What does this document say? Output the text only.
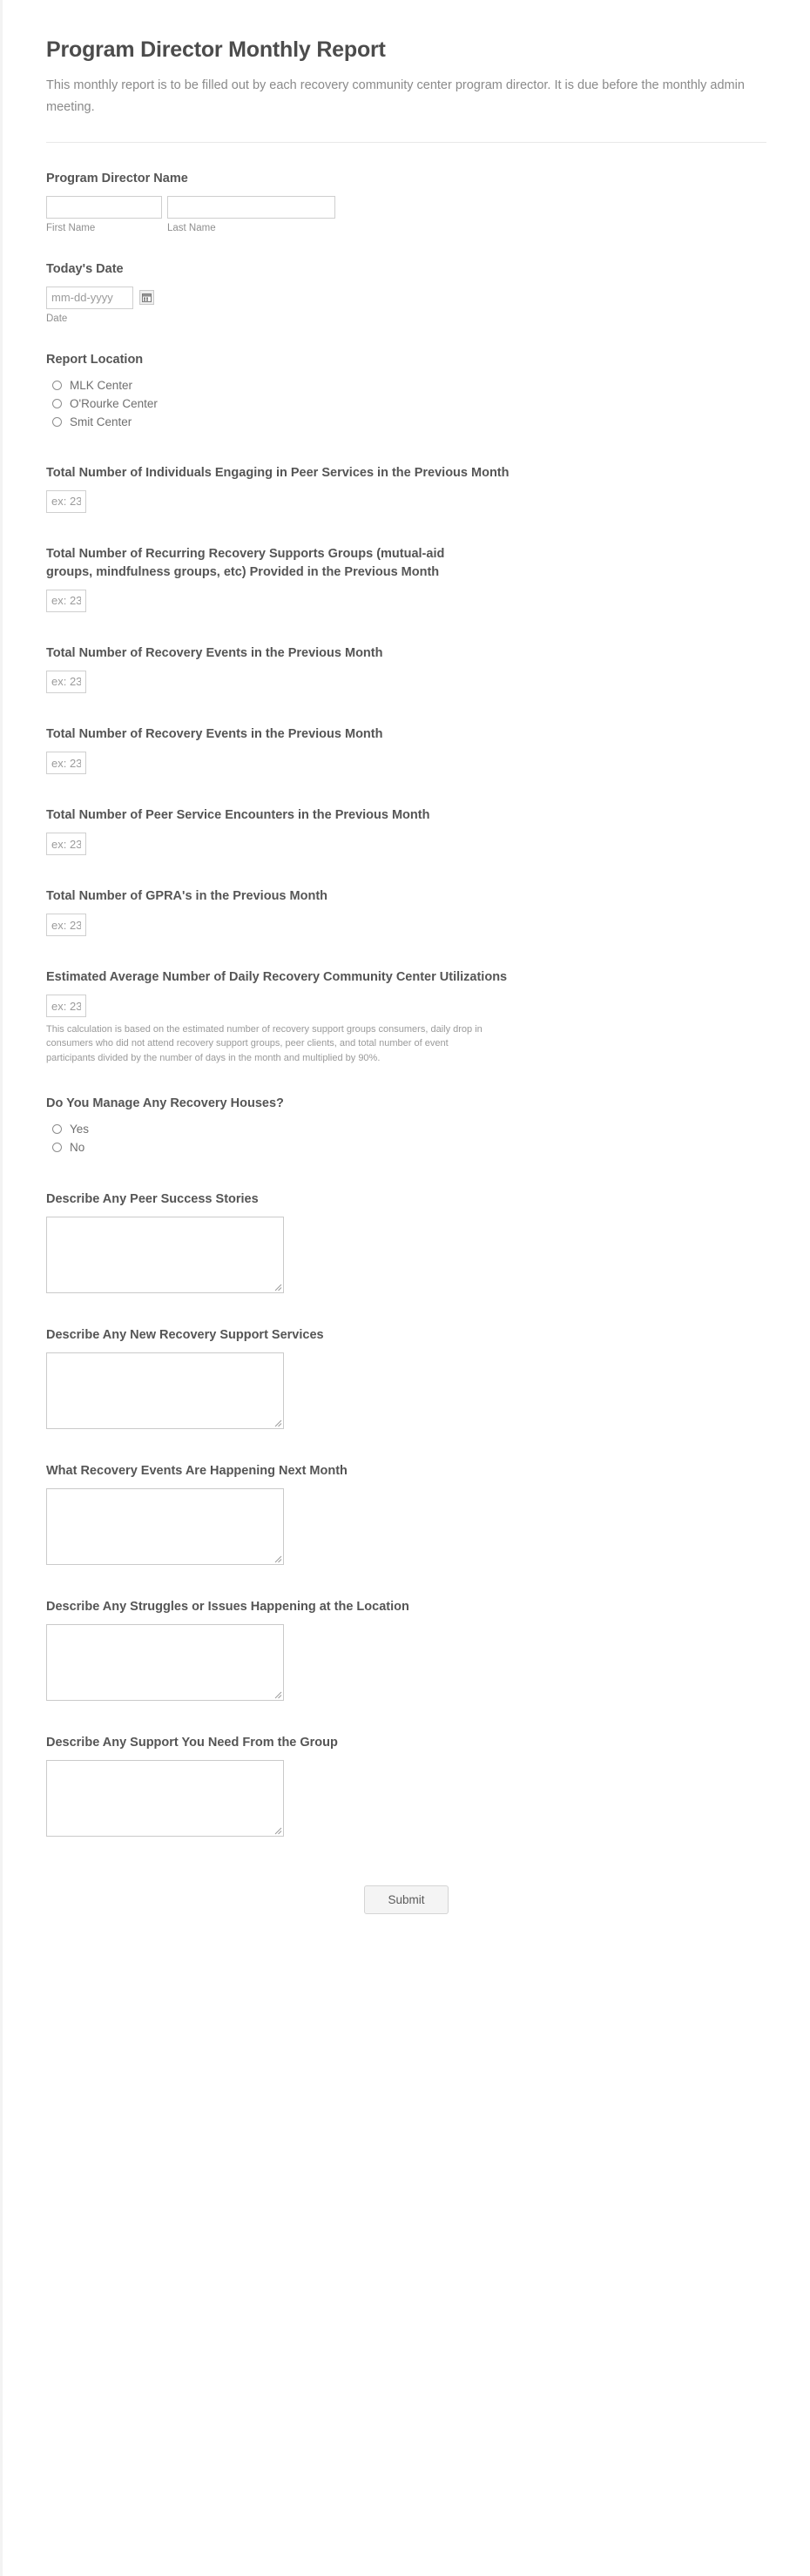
Program Director Monthly Report

This monthly report is to be filled out by each recovery community center program director. It is due before the monthly admin meeting.

Program Director Name
First Name	Last Name
Today's Date
mm-dd-yyyy
Date
Report Location
MLK Center
O'Rourke Center
Smit Center
Total Number of Individuals Engaging in Peer Services in the Previous Month
ex: 23
Total Number of Recurring Recovery Supports Groups (mutual-aid groups, mindfulness groups, etc) Provided in the Previous Month
ex: 23
Total Number of Recovery Events in the Previous Month
ex: 23
Total Number of Recovery Events in the Previous Month
ex: 23
Total Number of Peer Service Encounters in the Previous Month
ex: 23
Total Number of GPRA's in the Previous Month
ex: 23
Estimated Average Number of Daily Recovery Community Center Utilizations
ex: 23
This calculation is based on the estimated number of recovery support groups consumers, daily drop in consumers who did not attend recovery support groups, peer clients, and total number of event participants divided by the number of days in the month and multiplied by 90%.
Do You Manage Any Recovery Houses?
Yes
No
Describe Any Peer Success Stories
Describe Any New Recovery Support Services
What Recovery Events Are Happening Next Month
Describe Any Struggles or Issues Happening at the Location
Describe Any Support You Need From the Group
Submit
